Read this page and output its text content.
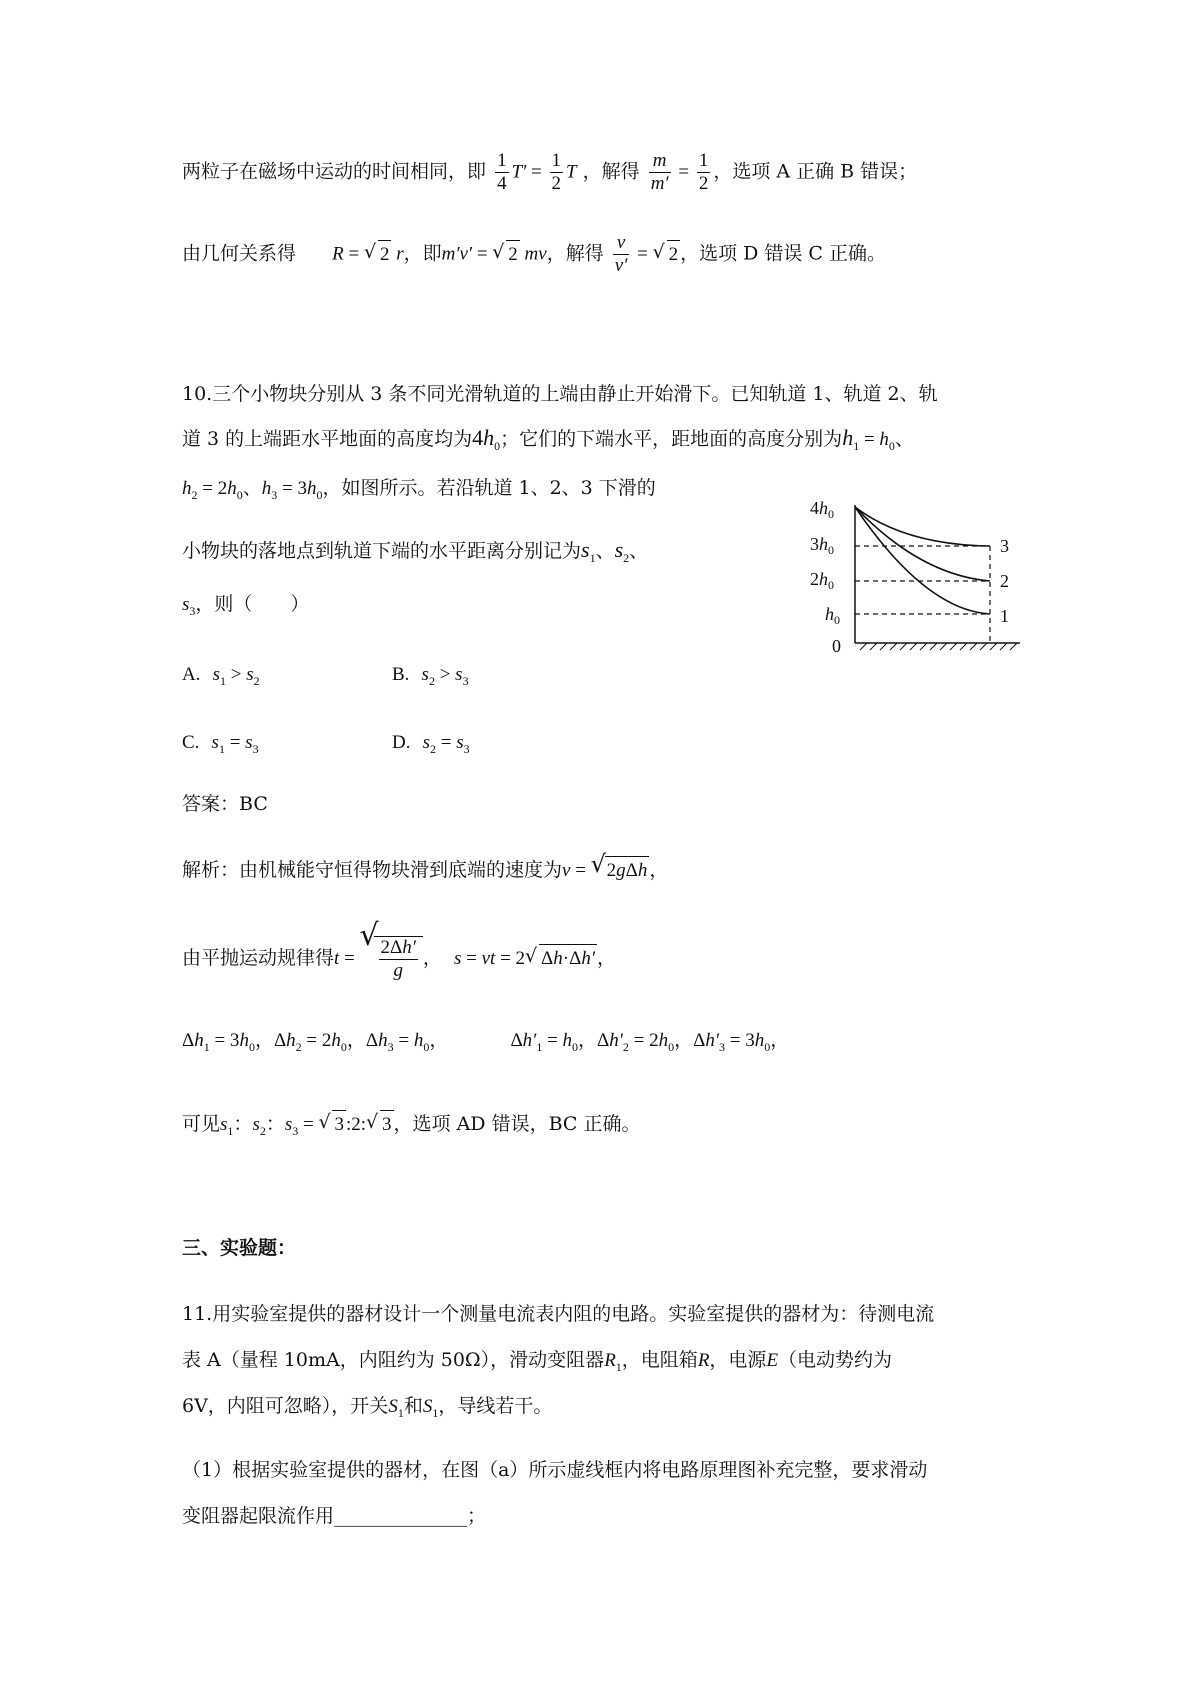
两粒子在磁场中运动的时间相同，即 $\frac{1}{4} T' = \frac{1}{2}$ T ，解得 $\frac{m}{m'} = \frac{1}{2}$ ，选项 A 正确 B 错误；
由几何关系得 R = √ 2 r，即m′v′ = √ 2 mv，解得 $\frac{v}{v'}$ = √ 2 ，选项 D 错误 C 正确。
10.三个小物块分别从 3 条不同光滑轨道的上端由静止开始滑下。已知轨道 1、轨道 2、轨
道 3 的上端距水平地面的高度均为$4h_0$；它们的下端水平，距地面的高度分别为$h_1 = h_0$、
$h_2 = 2h_0$、$h_3 = 3h_0$，如图所示。若沿轨道 1、2、3 下滑的
小物块的落地点到轨道下端的水平距离分别记为$s_1$、$s_2$、
$s_3$，则（　　）
$4h_0$
$3h_0$
$2h_0$
$h_0$
0
3
2
1
A. $s_1 > s_2$	B. $s_2 > s_3$
C. $s_1 = s_3$	D. $s_2 = s_3$
答案：BC
解析：由机械能守恒得物块滑到底端的速度为v = √ 2gΔh ，
由平抛运动规律得t =
√
$\frac{2\Delta h'}{g}$ ，  s = vt = 2 √ Δh·Δh′ ，
$\Delta h_1 = 3h_0$，$\Delta h_2 = 2h_0$，$\Delta h_3 = h_0$，	$\Delta h'_1 = h_0$，$\Delta h'_2 = 2h_0$，$\Delta h'_3 = 3h_0$，
可见$s_1$：$s_2$：$s_3$ = √ 3 :2: √ 3 ，选项 AD 错误，BC 正确。
三、实验题：
11.用实验室提供的器材设计一个测量电流表内阻的电路。实验室提供的器材为：待测电流
表 A（量程 10mA，内阻约为 50Ω），滑动变阻器$R_1$，电阻箱R，电源E（电动势约为
6V，内阻可忽略），开关$S_1$和$S_1$，导线若干。
（1）根据实验室提供的器材，在图（a）所示虚线框内将电路原理图补充完整，要求滑动
变阻器起限流作用______________；
